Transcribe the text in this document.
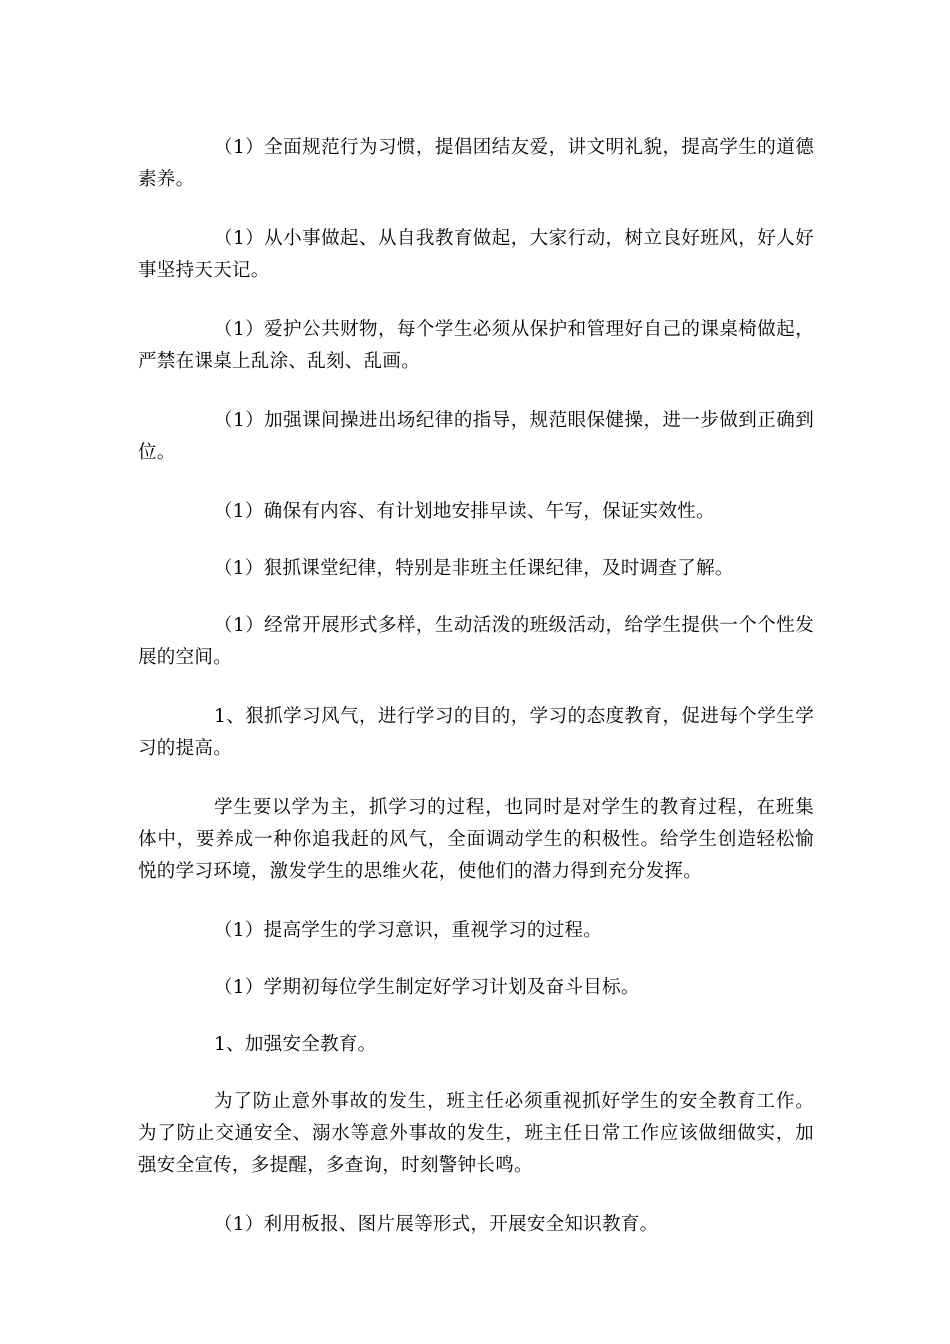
（1）全面规范行为习惯，提倡团结友爱，讲文明礼貌，提高学生的道德素养。

（1）从小事做起、从自我教育做起，大家行动，树立良好班风，好人好事坚持天天记。

（1）爱护公共财物，每个学生必须从保护和管理好自己的课桌椅做起，严禁在课桌上乱涂、乱刻、乱画。

（1）加强课间操进出场纪律的指导，规范眼保健操，进一步做到正确到位。

（1）确保有内容、有计划地安排早读、午写，保证实效性。

（1）狠抓课堂纪律，特别是非班主任课纪律，及时调查了解。

（1）经常开展形式多样，生动活泼的班级活动，给学生提供一个个性发展的空间。

1、狠抓学习风气，进行学习的目的，学习的态度教育，促进每个学生学习的提高。

学生要以学为主，抓学习的过程，也同时是对学生的教育过程，在班集体中，要养成一种你追我赶的风气，全面调动学生的积极性。给学生创造轻松愉悦的学习环境，激发学生的思维火花，使他们的潜力得到充分发挥。

（1）提高学生的学习意识，重视学习的过程。

（1）学期初每位学生制定好学习计划及奋斗目标。

1、加强安全教育。

为了防止意外事故的发生，班主任必须重视抓好学生的安全教育工作。为了防止交通安全、溺水等意外事故的发生，班主任日常工作应该做细做实，加强安全宣传，多提醒，多查询，时刻警钟长鸣。

（1）利用板报、图片展等形式，开展安全知识教育。
